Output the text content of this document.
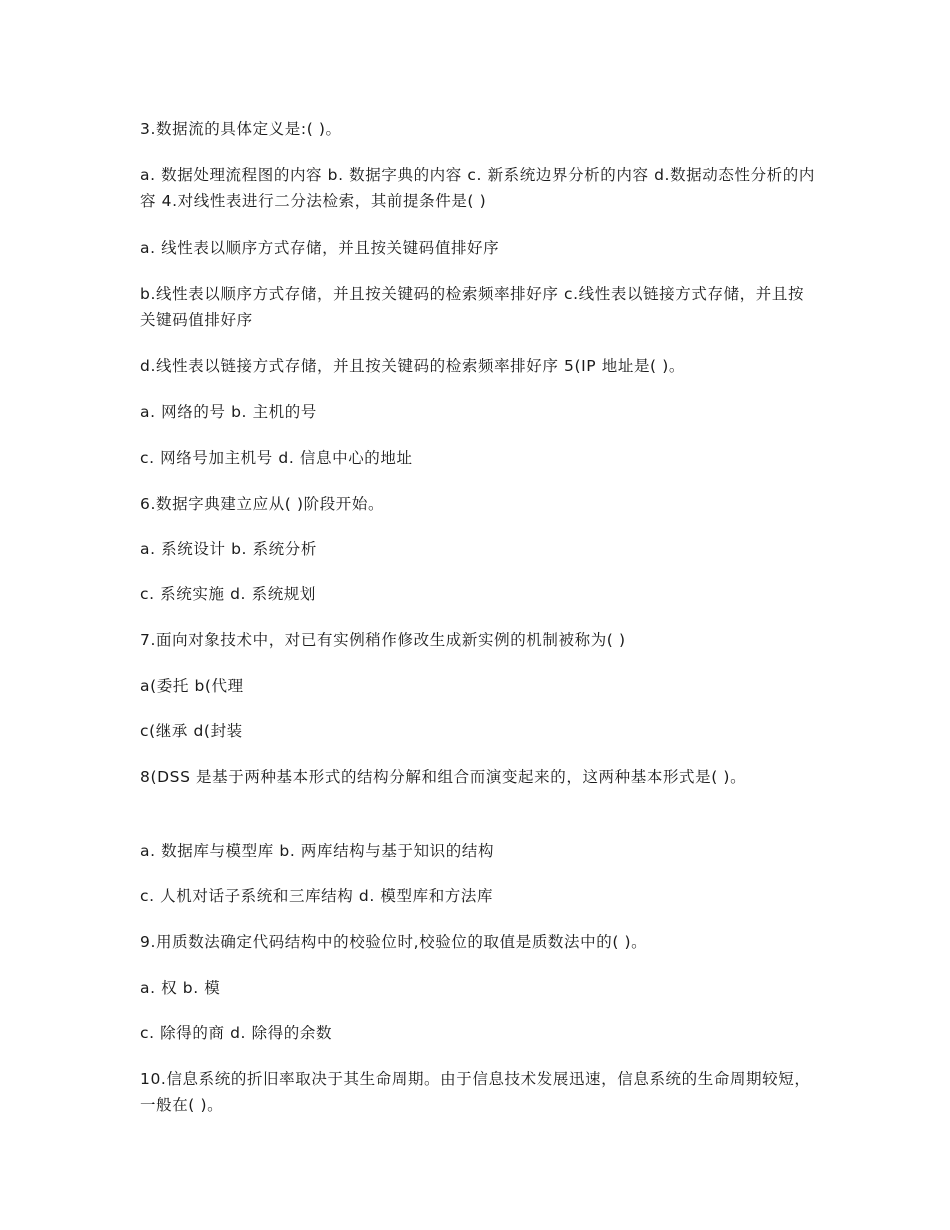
3.数据流的具体定义是:( )。
a. 数据处理流程图的内容 b. 数据字典的内容 c. 新系统边界分析的内容 d.数据动态性分析的内容 4.对线性表进行二分法检索，其前提条件是( )
a. 线性表以顺序方式存储，并且按关键码值排好序
b.线性表以顺序方式存储，并且按关键码的检索频率排好序 c.线性表以链接方式存储，并且按关键码值排好序
d.线性表以链接方式存储，并且按关键码的检索频率排好序 5(IP 地址是( )。
a. 网络的号 b. 主机的号
c. 网络号加主机号 d. 信息中心的地址
6.数据字典建立应从( )阶段开始。
a. 系统设计 b. 系统分析
c. 系统实施 d. 系统规划
7.面向对象技术中，对已有实例稍作修改生成新实例的机制被称为( )
a(委托 b(代理
c(继承 d(封装
8(DSS 是基于两种基本形式的结构分解和组合而演变起来的，这两种基本形式是( )。
a. 数据库与模型库 b. 两库结构与基于知识的结构
c. 人机对话子系统和三库结构 d. 模型库和方法库
9.用质数法确定代码结构中的校验位时,校验位的取值是质数法中的( )。
a. 权 b. 模
c. 除得的商 d. 除得的余数
10.信息系统的折旧率取决于其生命周期。由于信息技术发展迅速，信息系统的生命周期较短，一般在( )。
